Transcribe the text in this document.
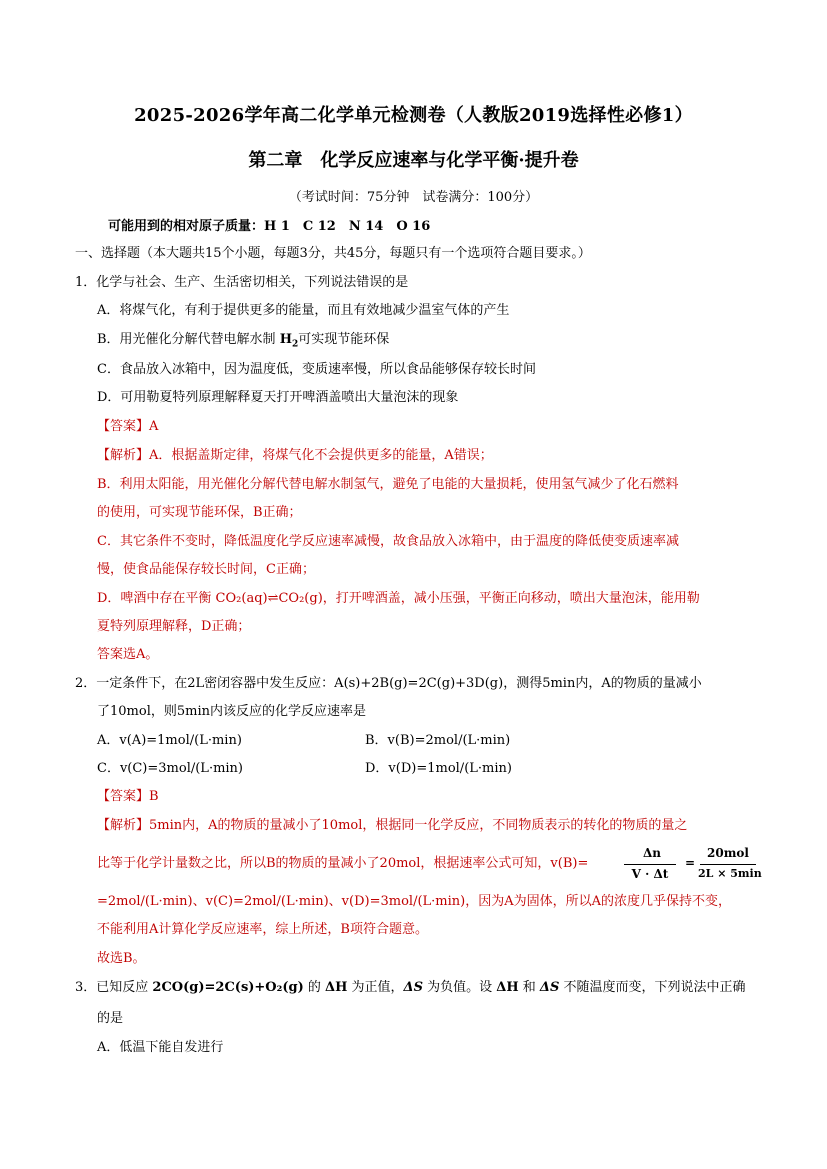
2025-2026学年高二化学单元检测卷（人教版2019选择性必修1）
第二章　化学反应速率与化学平衡·提升卷
（考试时间：75分钟　试卷满分：100分）
可能用到的相对原子质量：H 1　C 12　N 14　O 16
一、选择题（本大题共15个小题，每题3分，共45分，每题只有一个选项符合题目要求。）
1．化学与社会、生产、生活密切相关，下列说法错误的是
A．将煤气化，有利于提供更多的能量，而且有效地减少温室气体的产生
B．用光催化分解代替电解水制 $H_2$可实现节能环保
C．食品放入冰箱中，因为温度低，变质速率慢，所以食品能够保存较长时间
D．可用勒夏特列原理解释夏天打开啤酒盖喷出大量泡沫的现象
【答案】A
【解析】A．根据盖斯定律，将煤气化不会提供更多的能量，A错误；
B．利用太阳能，用光催化分解代替电解水制氢气，避免了电能的大量损耗，使用氢气减少了化石燃料
的使用，可实现节能环保，B正确；
C．其它条件不变时，降低温度化学反应速率减慢，故食品放入冰箱中，由于温度的降低使变质速率减
慢，使食品能保存较长时间，C正确；
D．啤酒中存在平衡 CO₂(aq)⇌CO₂(g)，打开啤酒盖，减小压强，平衡正向移动，喷出大量泡沫，能用勒
夏特列原理解释，D正确；
答案选A。
2．一定条件下，在2L密闭容器中发生反应：A(s)+2B(g)=2C(g)+3D(g)，测得5min内，A的物质的量减小
了10mol，则5min内该反应的化学反应速率是
A．v(A)=1mol/(L·min)	B．v(B)=2mol/(L·min)
C．v(C)=3mol/(L·min)	D．v(D)=1mol/(L·min)
【答案】B
【解析】5min内，A的物质的量减小了10mol，根据同一化学反应，不同物质表示的转化的物质的量之
比等于化学计量数之比，所以B的物质的量减小了20mol，根据速率公式可知，v(B)=
Δn
V · Δt
=
20mol
2L × 5min
=2mol/(L·min)、v(C)=2mol/(L·min)、v(D)=3mol/(L·min)，因为A为固体，所以A的浓度几乎保持不变，
不能利用A计算化学反应速率，综上所述，B项符合题意。
故选B。
3．已知反应 2CO(g)=2C(s)+O₂(g) 的 ΔH 为正值，ΔS 为负值。设 ΔH 和 ΔS 不随温度而变，下列说法中正确
的是
A．低温下能自发进行
